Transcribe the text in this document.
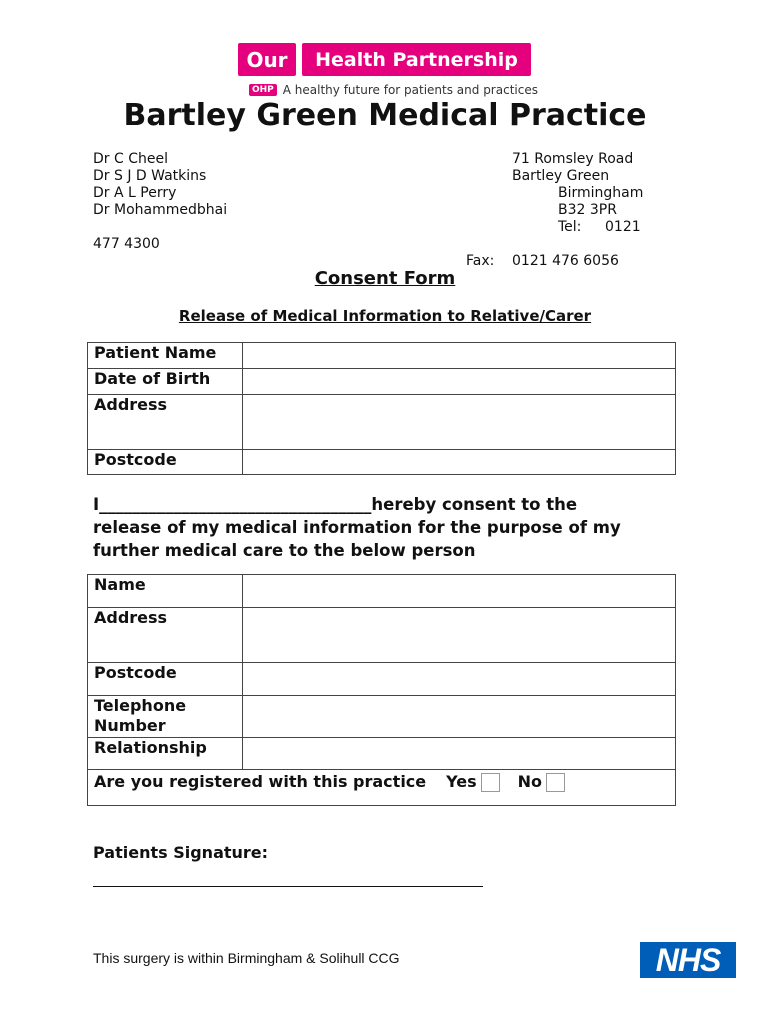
Our	Health Partnership
OHP A healthy future for patients and practices
Bartley Green Medical Practice
Dr C Cheel
Dr S J D Watkins
Dr A L Perry
Dr Mohammedbhai
71 Romsley Road
Bartley Green
Birmingham
B32 3PR
Tel: 0121
477 4300
Fax: 0121 476 6056
Consent Form
Release of Medical Information to Relative/Carer
Patient Name	
Date of Birth	
Address	
Postcode	
I_________________________________hereby consent to the
release of my medical information for the purpose of my
further medical care to the below person
Name	
Address	
Postcode	
Telephone Number	
Relationship	

Are you registered with this practice Yes No	
Patients Signature:
This surgery is within Birmingham & Solihull CCG	NHS
